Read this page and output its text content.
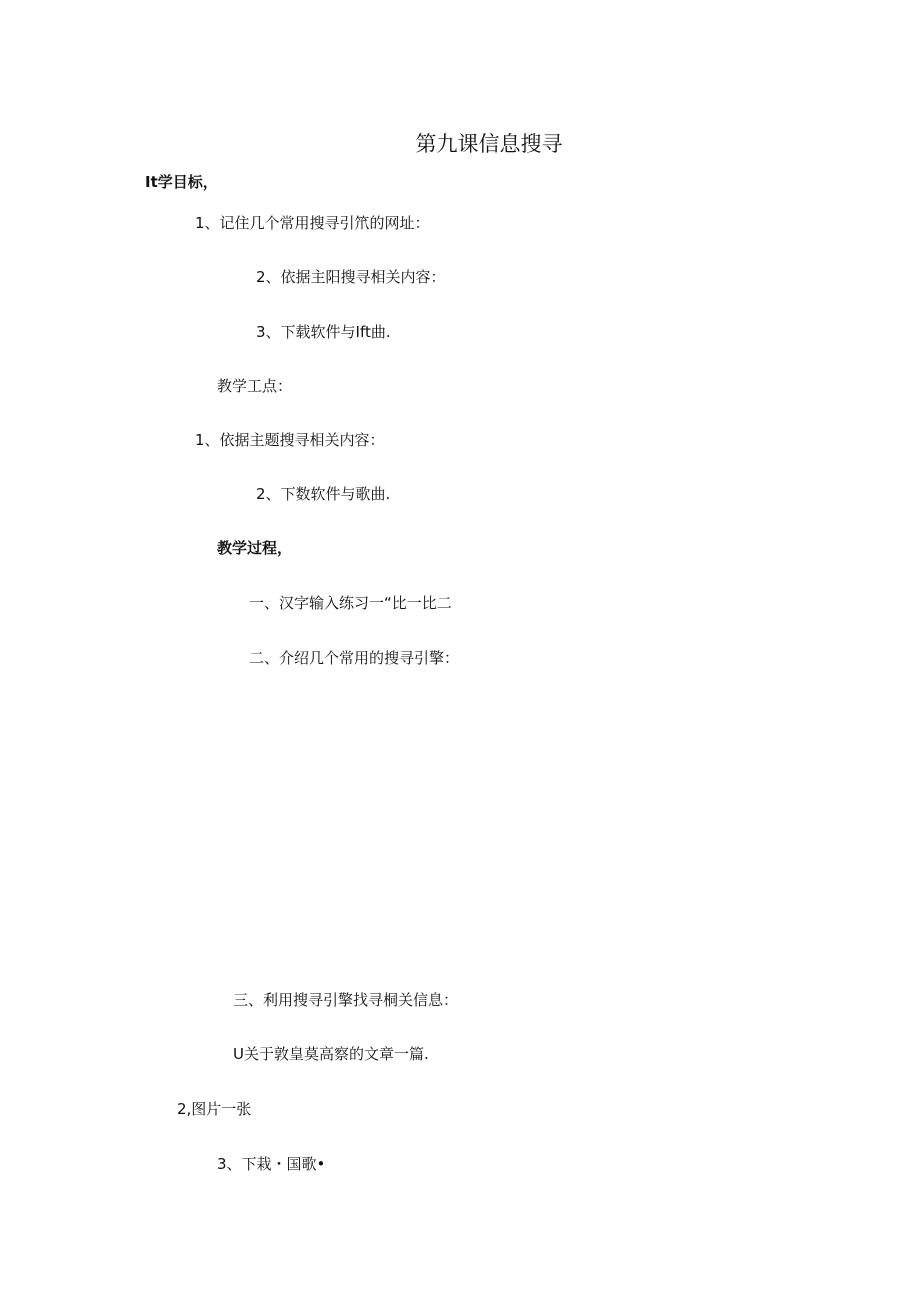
第九课信息搜寻
It学目标，
1、记住几个常用搜寻引笊的网址：
2、依据主阳搜寻相关内容：
3、下载软件与Ift曲.
教学工点：
1、依据主题搜寻相关内容：
2、下数软件与歌曲.
教学过程，
一、汉字输入练习一“比一比二
二、介绍几个常用的搜寻引擎：
三、利用搜寻引擎找寻桐关信息：
U关于敦皇莫高察的文章一篇.
2,图片一张
3、下栽・国歌•
